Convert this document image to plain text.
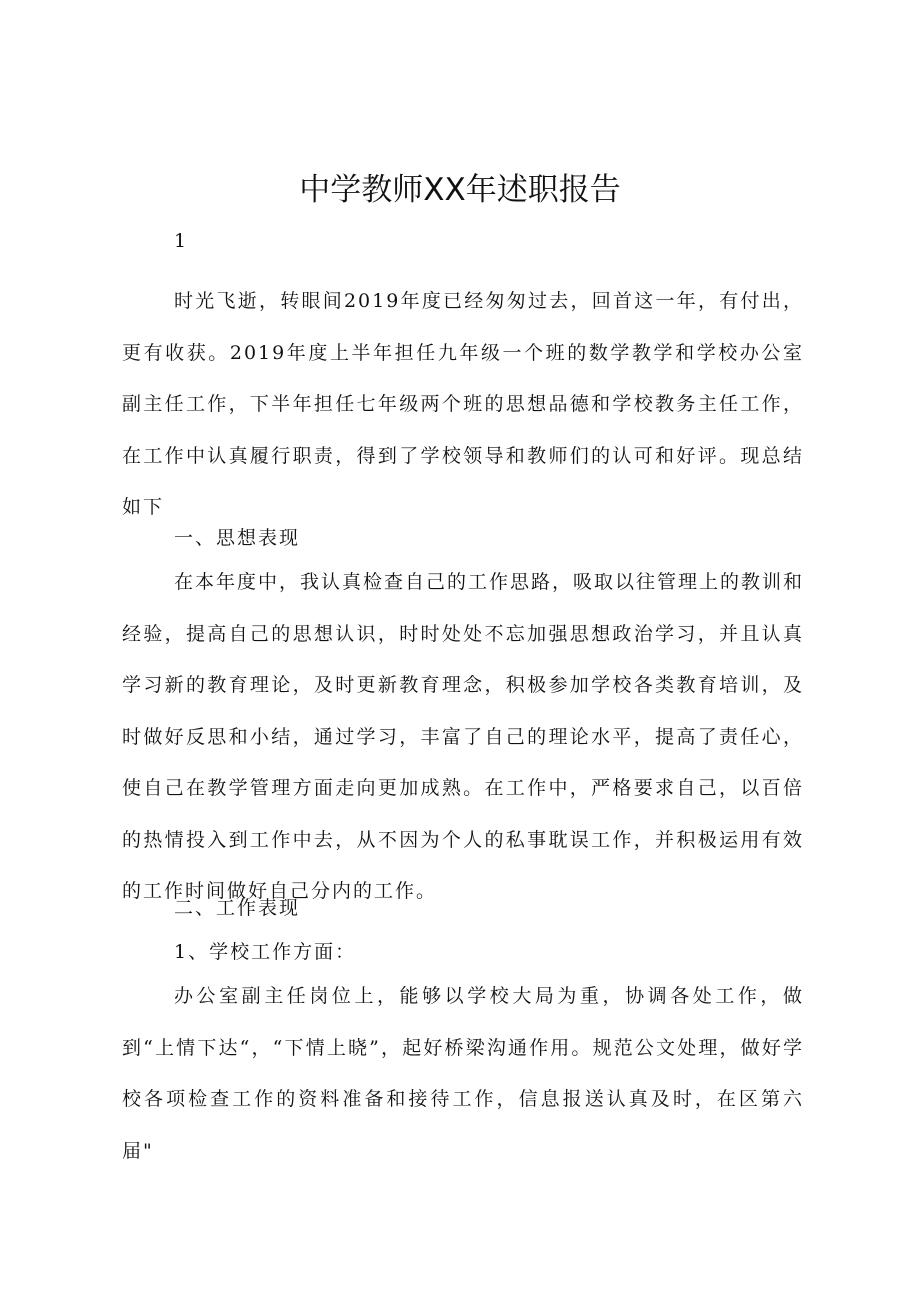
中学教师XX年述职报告

1

时光飞逝，转眼间2019年度已经匆匆过去，回首这一年，有付出，更有收获。2019年度上半年担任九年级一个班的数学教学和学校办公室副主任工作，下半年担任七年级两个班的思想品德和学校教务主任工作，在工作中认真履行职责，得到了学校领导和教师们的认可和好评。现总结如下

一、思想表现

在本年度中，我认真检查自己的工作思路，吸取以往管理上的教训和经验，提高自己的思想认识，时时处处不忘加强思想政治学习，并且认真学习新的教育理论，及时更新教育理念，积极参加学校各类教育培训，及时做好反思和小结，通过学习，丰富了自己的理论水平，提高了责任心，使自己在教学管理方面走向更加成熟。在工作中，严格要求自己，以百倍的热情投入到工作中去，从不因为个人的私事耽误工作，并积极运用有效的工作时间做好自己分内的工作。

二、工作表现

1、学校工作方面：

办公室副主任岗位上，能够以学校大局为重，协调各处工作，做到“上情下达“，“下情上晓”，起好桥梁沟通作用。规范公文处理，做好学校各项检查工作的资料准备和接待工作，信息报送认真及时，在区第六届"
